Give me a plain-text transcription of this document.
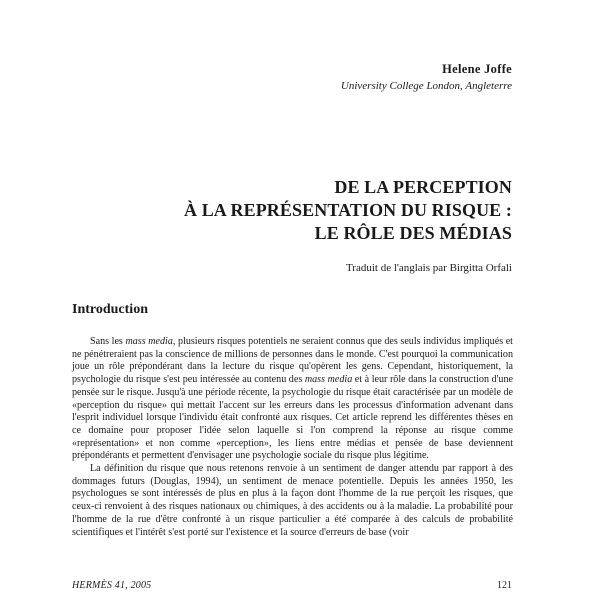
Helene Joffe
University College London, Angleterre
DE LA PERCEPTION
À LA REPRÉSENTATION DU RISQUE :
LE RÔLE DES MÉDIAS
Traduit de l'anglais par Birgitta Orfali
Introduction

Sans les mass media, plusieurs risques potentiels ne seraient connus que des seuls individus impliqués et ne pénétreraient pas la conscience de millions de personnes dans le monde. C'est pourquoi la communication joue un rôle prépondérant dans la lecture du risque qu'opèrent les gens. Cependant, historiquement, la psychologie du risque s'est peu intéressée au contenu des mass media et à leur rôle dans la construction d'une pensée sur le risque. Jusqu'à une période récente, la psychologie du risque était caractérisée par un modèle de «perception du risque» qui mettait l'accent sur les erreurs dans les processus d'information advenant dans l'esprit individuel lorsque l'individu était confronté aux risques. Cet article reprend les différentes thèses en ce domaine pour proposer l'idée selon laquelle si l'on comprend la réponse au risque comme «représentation» et non comme «perception», les liens entre médias et pensée de base deviennent prépondérants et permettent d'envisager une psychologie sociale du risque plus légitime.

La définition du risque que nous retenons renvoie à un sentiment de danger attendu par rapport à des dommages futurs (Douglas, 1994), un sentiment de menace potentielle. Depuis les années 1950, les psychologues se sont intéressés de plus en plus à la façon dont l'homme de la rue perçoit les risques, que ceux-ci renvoient à des risques nationaux ou chimiques, à des accidents ou à la maladie. La probabilité pour l'homme de la rue d'être confronté à un risque particulier a été comparée à des calculs de probabilité scientifiques et l'intérêt s'est porté sur l'existence et la source d'erreurs de base (voir

HERMÈS 41, 2005	121
